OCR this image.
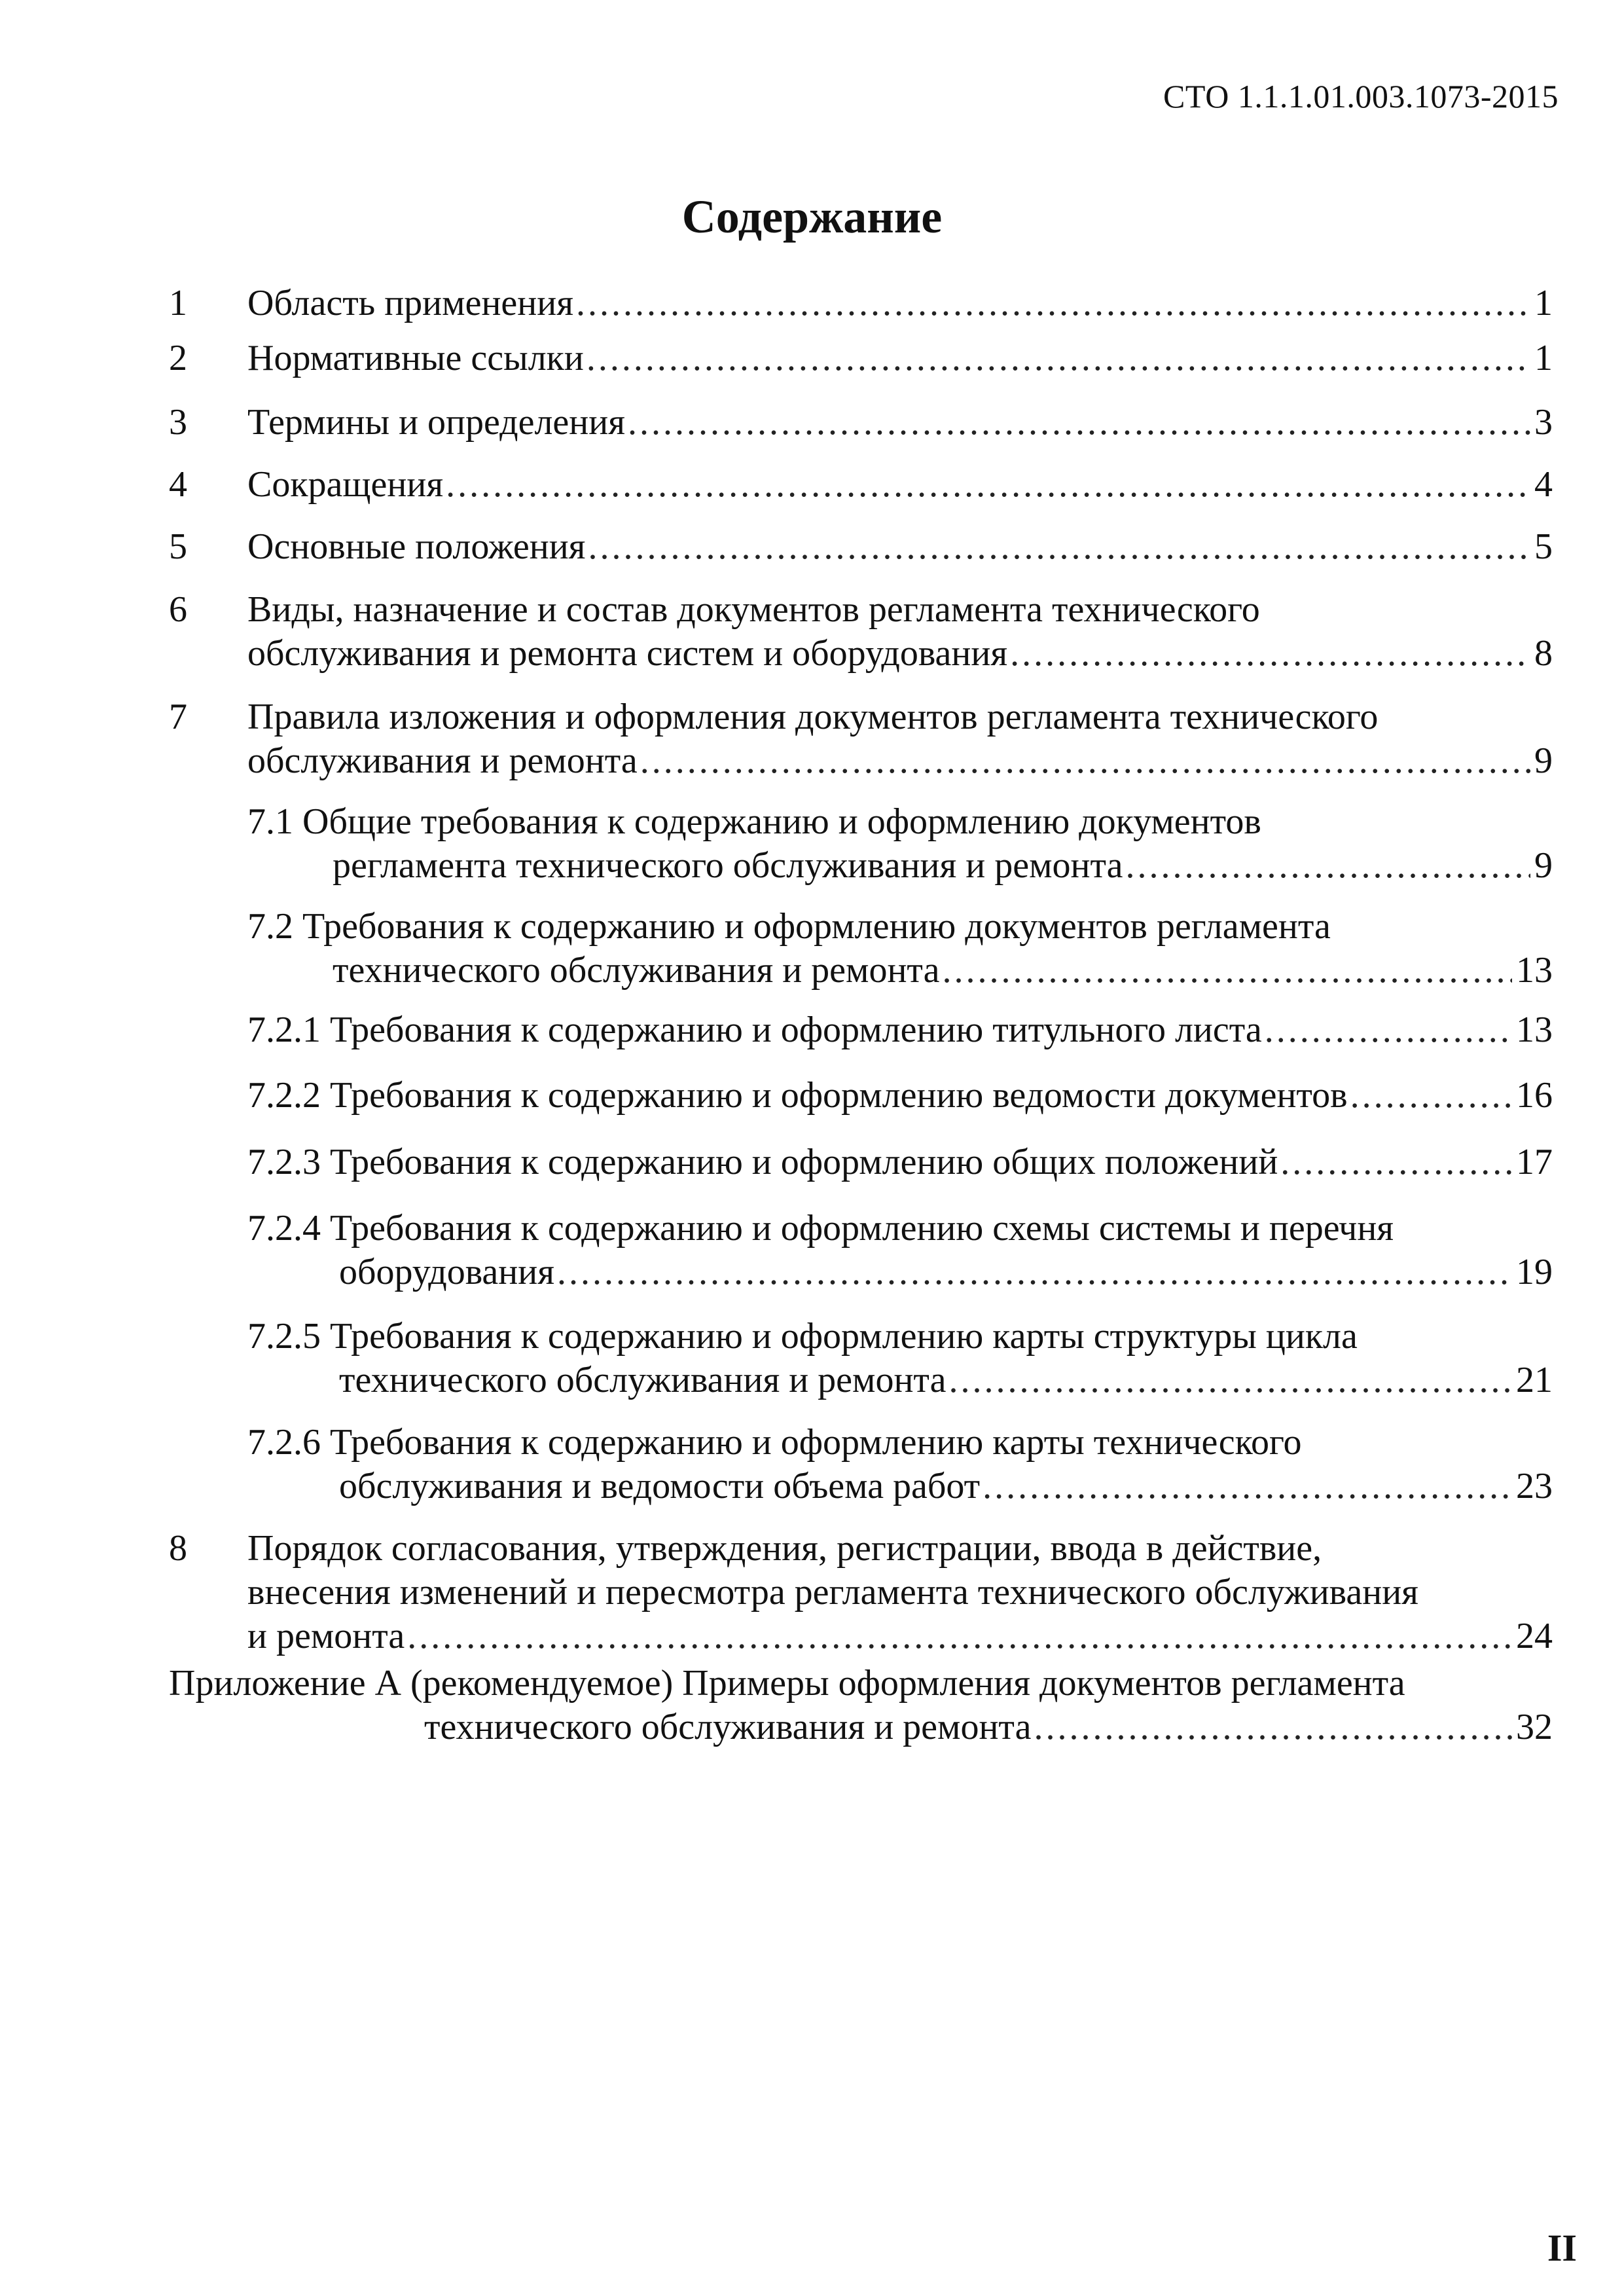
СТО 1.1.1.01.003.1073-2015
Содержание
1 Область применения .....	1
2 Нормативные ссылки .....	1
3 Термины и определения .....	3
4 Сокращения .....	4
5 Основные положения .....	5
6 Виды, назначение и состав документов регламента технического
обслуживания и ремонта систем и оборудования .....	8
7 Правила изложения и оформления документов регламента технического
обслуживания и ремонта .....	9
7.1 Общие требования к содержанию и оформлению документов
регламента технического обслуживания и ремонта .....	9
7.2 Требования к содержанию и оформлению документов регламента
технического обслуживания и ремонта .....	13
7.2.1 Требования к содержанию и оформлению титульного листа .....	13
7.2.2 Требования к содержанию и оформлению ведомости документов .....	16
7.2.3 Требования к содержанию и оформлению общих положений .....	17
7.2.4 Требования к содержанию и оформлению схемы системы и перечня
оборудования .....	19
7.2.5 Требования к содержанию и оформлению карты структуры цикла
технического обслуживания и ремонта .....	21
7.2.6 Требования к содержанию и оформлению карты технического
обслуживания и ведомости объема работ .....	23
8 Порядок согласования, утверждения, регистрации, ввода в действие,
внесения изменений и пересмотра регламента технического обслуживания
и ремонта .....	24
Приложение А (рекомендуемое) Примеры оформления документов регламента
технического обслуживания и ремонта .....	32
II
